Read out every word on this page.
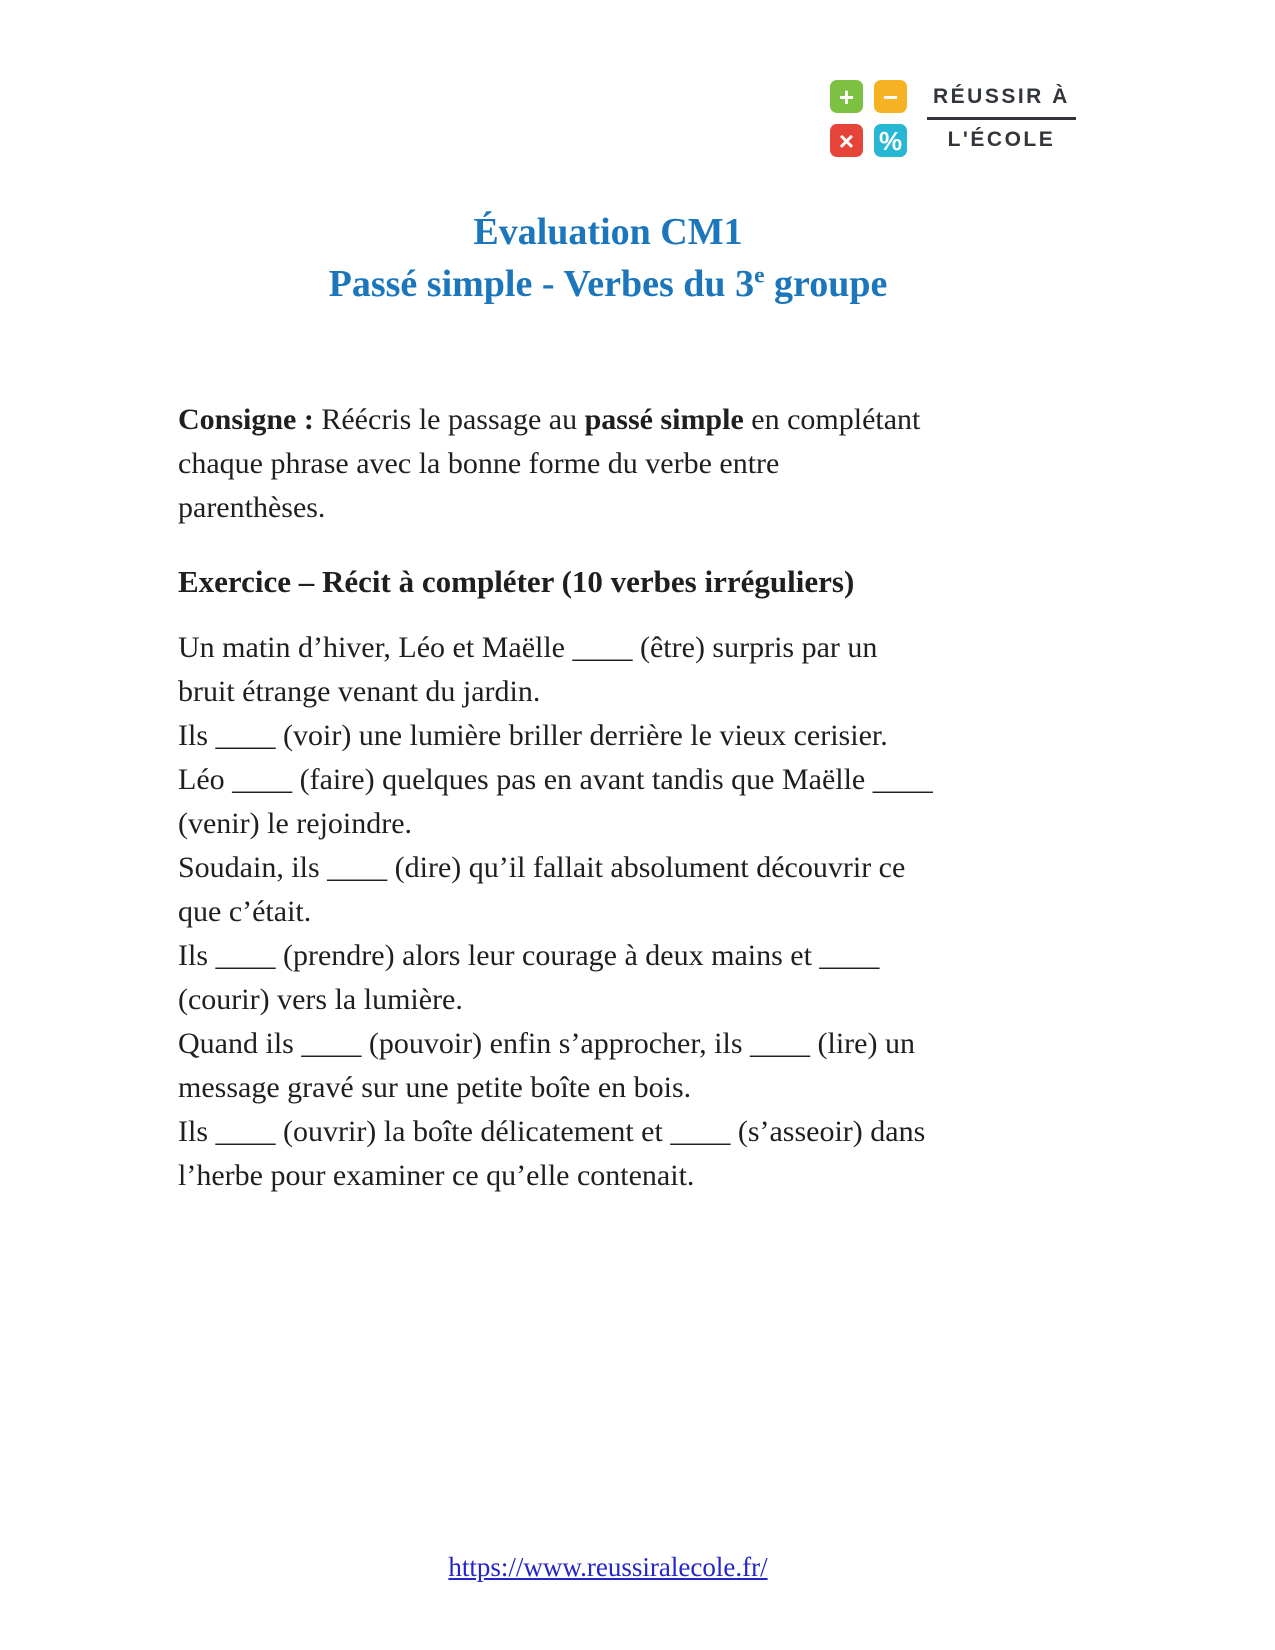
+	−
× %
RÉUSSIR À
L'ÉCOLE
Évaluation CM1
Passé simple - Verbes du 3e groupe

Consigne : Réécris le passage au passé simple en complétant
chaque phrase avec la bonne forme du verbe entre
parenthèses.

Exercice – Récit à compléter (10 verbes irréguliers)
Un matin d’hiver, Léo et Maëlle ____ (être) surpris par un
bruit étrange venant du jardin.
Ils ____ (voir) une lumière briller derrière le vieux cerisier.
Léo ____ (faire) quelques pas en avant tandis que Maëlle ____
(venir) le rejoindre.
Soudain, ils ____ (dire) qu’il fallait absolument découvrir ce
que c’était.
Ils ____ (prendre) alors leur courage à deux mains et ____
(courir) vers la lumière.
Quand ils ____ (pouvoir) enfin s’approcher, ils ____ (lire) un
message gravé sur une petite boîte en bois.
Ils ____ (ouvrir) la boîte délicatement et ____ (s’asseoir) dans
l’herbe pour examiner ce qu’elle contenait.
https://www.reussiralecole.fr/
